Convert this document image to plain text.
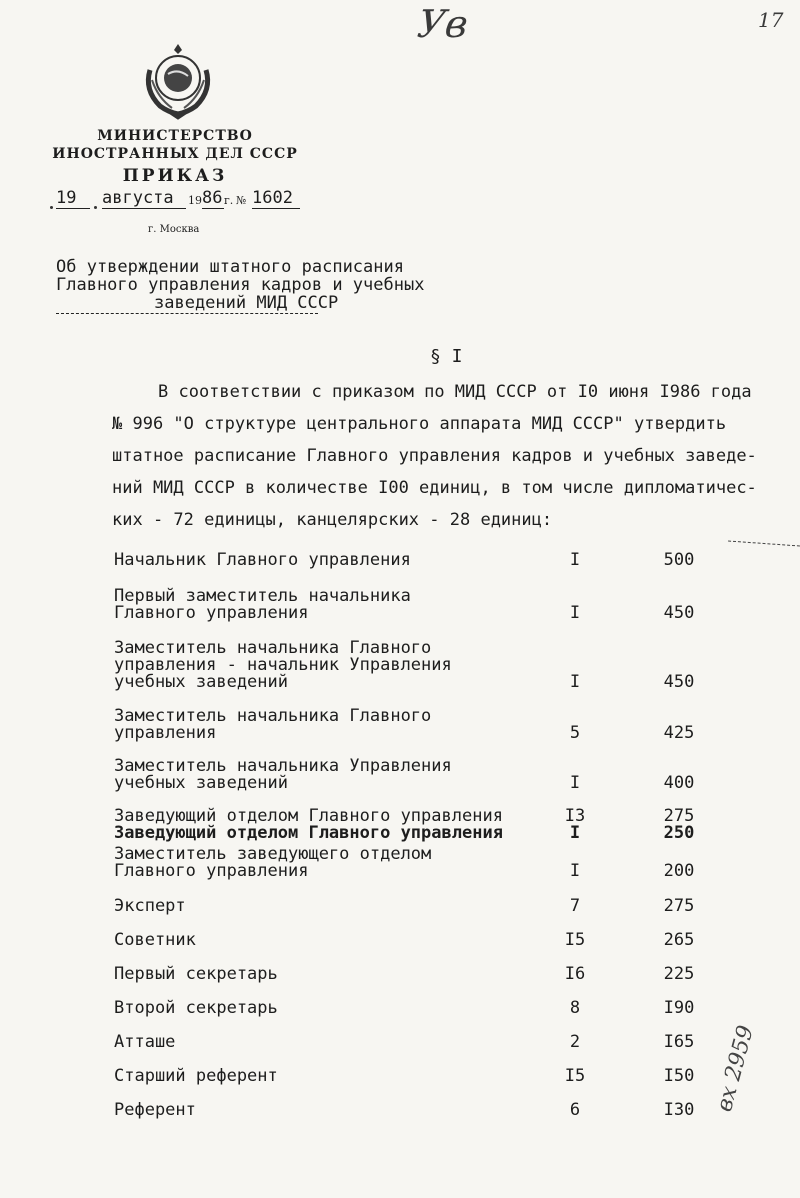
МИНИСТЕРСТВО
ИНОСТРАННЫХ ДЕЛ СССР
ПРИКАЗ
19	августа	19 86 г. № 1602
г. Москва
Ув	17
вх 2959
Об утверждении штатного расписания
Главного управления кадров и учебных
заведений МИД СССР
§ I
В соответствии с приказом по МИД СССР от I0 июня I986 года
№ 996 "О структуре центрального аппарата МИД СССР" утвердить
штатное расписание Главного управления кадров и учебных заведе-
ний МИД СССР в количестве I00 единиц, в том числе дипломатичес-
ких - 72 единицы, канцелярских - 28 единиц:
Начальник Главного управления	I	500
Первый заместитель начальника
Главного управления	I	450
Заместитель начальника Главного
управления - начальник Управления
учебных заведений	I	450
Заместитель начальника Главного
управления	5	425
Заместитель начальника Управления
учебных заведений	I	400
Заведующий отделом Главного управления	I3	275
Заведующий отделом Главного управления	I	250
Заместитель заведующего отделом
Главного управления	I	200
Эксперт	7	275
Советник	I5	265
Первый секретарь	I6	225
Второй секретарь	8	I90
Атташе	2	I65
Старший референт	I5	I50
Референт	6	I30
